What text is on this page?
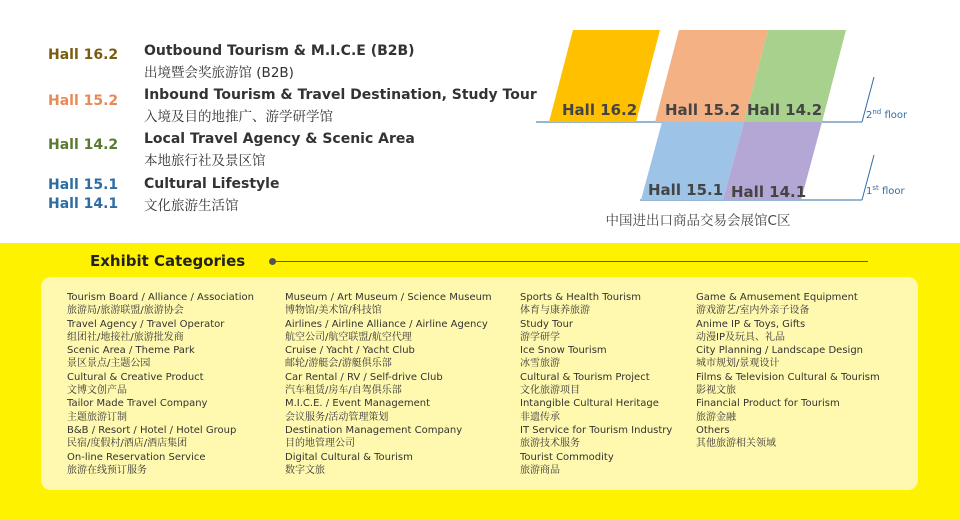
Hall 16.2 Outbound Tourism & M.I.C.E (B2B)
出境暨会奖旅游馆 (B2B)
Hall 15.2 Inbound Tourism & Travel Destination, Study Tour
入境及目的地推广、游学研学馆
Hall 14.2 Local Travel Agency & Scenic Area
本地旅行社及景区馆
Hall 15.1
Hall 14.1
Cultural Lifestyle
文化旅游生活馆
Hall 16.2 Hall 15.2 Hall 14.2
Hall 15.1 Hall 14.1
2nd floor
1st floor
中国进出口商品交易会展馆C区
Exhibit Categories
Tourism Board / Alliance / Association
旅游局/旅游联盟/旅游协会
Travel Agency / Travel Operator
组团社/地接社/旅游批发商
Scenic Area / Theme Park
景区景点/主题公园
Cultural & Creative Product
文博文创产品
Tailor Made Travel Company
主题旅游订制
B&B / Resort / Hotel / Hotel Group
民宿/度假村/酒店/酒店集团
On-line Reservation Service
旅游在线预订服务
Museum / Art Museum / Science Museum
博物馆/美术馆/科技馆
Airlines / Airline Alliance / Airline Agency
航空公司/航空联盟/航空代理
Cruise / Yacht / Yacht Club
邮轮/游艇会/游艇俱乐部
Car Rental / RV / Self-drive Club
汽车租赁/房车/自驾俱乐部
M.I.C.E. / Event Management
会议服务/活动管理策划
Destination Management Company
目的地管理公司
Digital Cultural & Tourism
数字文旅
Sports & Health Tourism
体育与康养旅游
Study Tour
游学研学
Ice Snow Tourism
冰雪旅游
Cultural & Tourism Project
文化旅游项目
Intangible Cultural Heritage
非遗传承
IT Service for Tourism Industry
旅游技术服务
Tourist Commodity
旅游商品
Game & Amusement Equipment
游戏游艺/室内外亲子设备
Anime IP & Toys, Gifts
动漫IP及玩具、礼品
City Planning / Landscape Design
城市规划/景观设计
Films & Television Cultural & Tourism
影视文旅
Financial Product for Tourism
旅游金融
Others
其他旅游相关领域
